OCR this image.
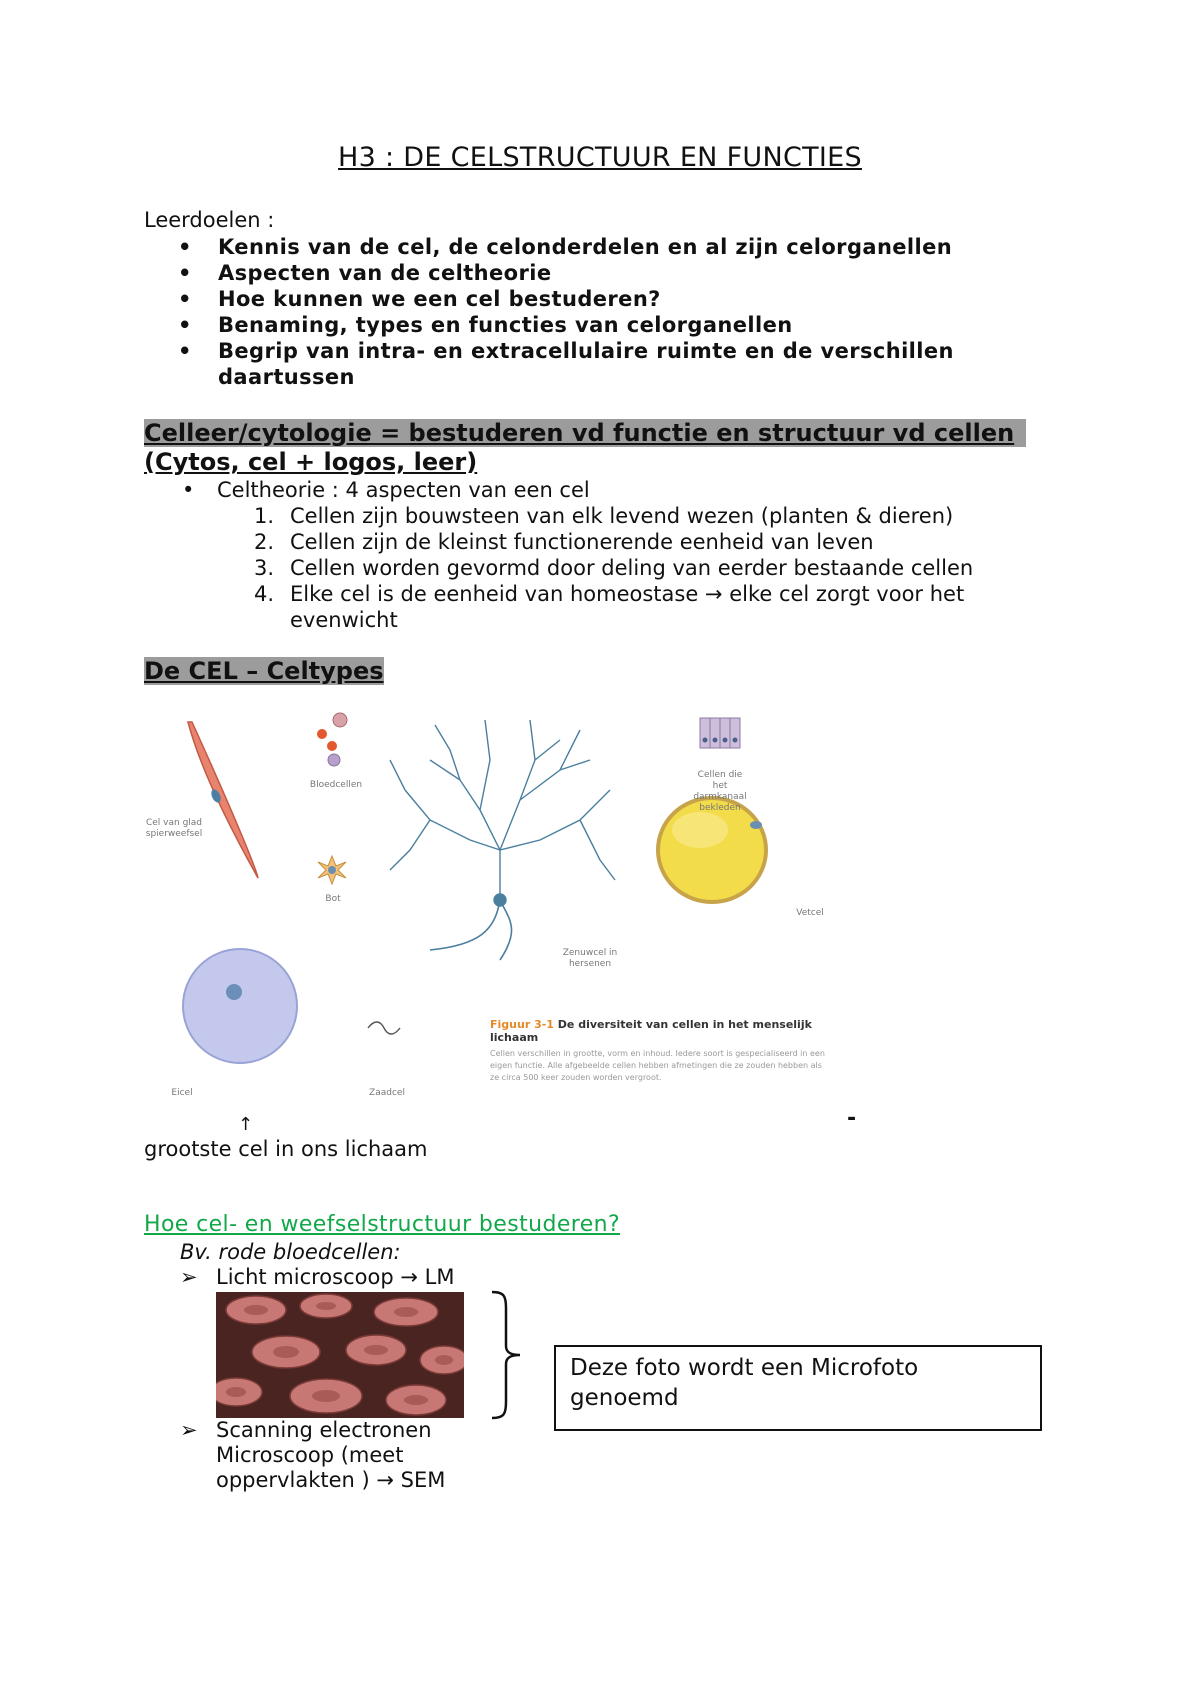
H3 : DE CELSTRUCTUUR EN FUNCTIES
Leerdoelen :
• Kennis van de cel, de celonderdelen en al zijn celorganellen
• Aspecten van de celtheorie
• Hoe kunnen we een cel bestuderen?
• Benaming, types en functies van celorganellen
• Begrip van intra- en extracellulaire ruimte en de verschillen daartussen
Celleer/cytologie = bestuderen vd functie en structuur vd cellen
(Cytos, cel + logos, leer)
• Celtheorie : 4 aspecten van een cel
1. Cellen zijn bouwsteen van elk levend wezen (planten & dieren)
2. Cellen zijn de kleinst functionerende eenheid van leven
3. Cellen worden gevormd door deling van eerder bestaande cellen
4. Elke cel is de eenheid van homeostase → elke cel zorgt voor het evenwicht
De CEL – Celtypes
Cel van glad spierweefsel
Bloedcellen
Bot
Zenuwcel in hersenen
Cellen die het darmkanaal bekleden
Vetcel
Eicel	Zaadcel
Figuur 3-1 De diversiteit van cellen in het menselijk lichaam
Cellen verschillen in grootte, vorm en inhoud. Iedere soort is gespecialiseerd in een eigen functie. Alle afgebeelde cellen hebben afmetingen die ze zouden hebben als ze circa 500 keer zouden worden vergroot.
↑	-
grootste cel in ons lichaam
Hoe cel- en weefselstructuur bestuderen?
Bv. rode bloedcellen:
➢ Licht microscoop → LM
Deze foto wordt een Microfoto genoemd
➢ Scanning electronen Microscoop (meet oppervlakten ) → SEM
